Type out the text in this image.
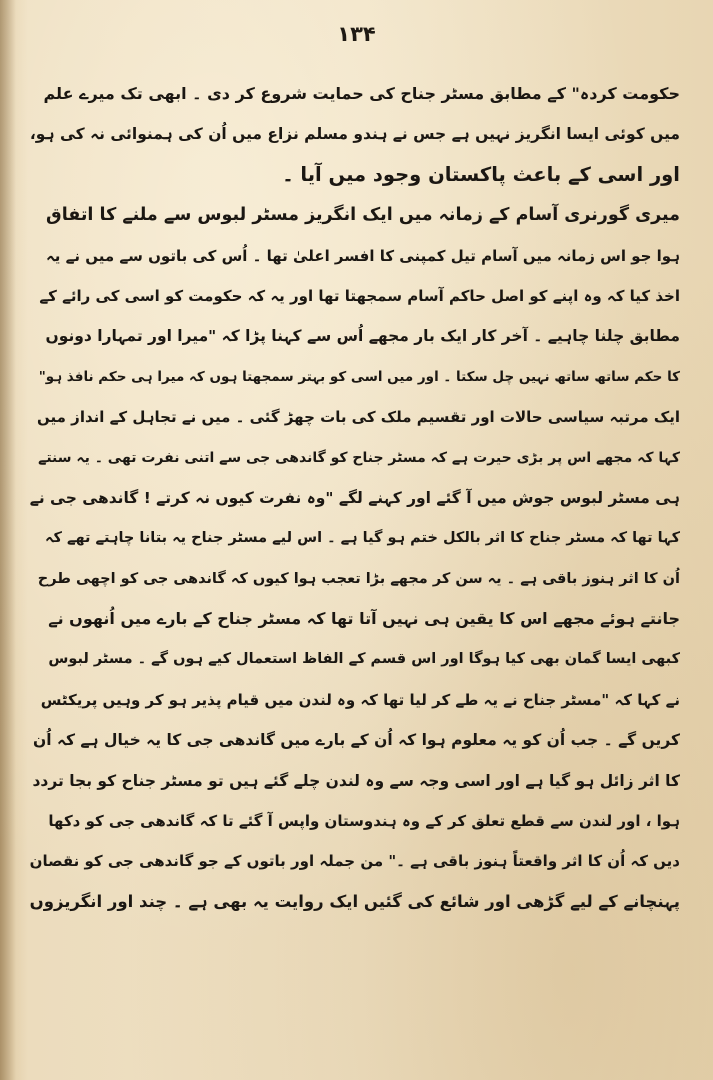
۱۳۴
حکومت کردہ" کے مطابق مسٹر جناح کی حمایت شروع کر دی ۔ ابھی تک میرے علم
میں کوئی ایسا انگریز نہیں ہے جس نے ہندو مسلم نزاع میں اُن کی ہمنوائی نہ کی ہو،
اور اسی کے باعث پاکستان وجود میں آیا ۔
میری گورنری آسام کے زمانہ میں ایک انگریز مسٹر لبوس سے ملنے کا اتفاق
ہوا جو اس زمانہ میں آسام تیل کمپنی کا افسر اعلیٰ تھا ۔ اُس کی باتوں سے میں نے یہ
اخذ کیا کہ وہ اپنے کو اصل حاکم آسام سمجھتا تھا اور یہ کہ حکومت کو اسی کی رائے کے
مطابق چلنا چاہیے ۔ آخر کار ایک بار مجھے اُس سے کہنا پڑا کہ "میرا اور تمہارا دونوں
کا حکم ساتھ ساتھ نہیں چل سکتا ۔ اور میں اسی کو بہتر سمجھتا ہوں کہ میرا ہی حکم نافذ ہو"
ایک مرتبہ سیاسی حالات اور تقسیم ملک کی بات چھڑ گئی ۔ میں نے تجاہل کے انداز میں
کہا کہ مجھے اس پر بڑی حیرت ہے کہ مسٹر جناح کو گاندھی جی سے اتنی نفرت تھی ۔ یہ سنتے
ہی مسٹر لبوس جوش میں آ گئے اور کہنے لگے "وہ نفرت کیوں نہ کرتے ! گاندھی جی نے
کہا تھا کہ مسٹر جناح کا اثر بالکل ختم ہو گیا ہے ۔ اس لیے مسٹر جناح یہ بتانا چاہتے تھے کہ
اُن کا اثر ہنوز باقی ہے ۔ یہ سن کر مجھے بڑا تعجب ہوا کیوں کہ گاندھی جی کو اچھی طرح
جانتے ہوئے مجھے اس کا یقین ہی نہیں آتا تھا کہ مسٹر جناح کے بارے میں اُنھوں نے
کبھی ایسا گمان بھی کیا ہوگا اور اس قسم کے الفاظ استعمال کیے ہوں گے ۔ مسٹر لبوس
نے کہا کہ "مسٹر جناح نے یہ طے کر لیا تھا کہ وہ لندن میں قیام پذیر ہو کر وہیں پریکٹس
کریں گے ۔ جب اُن کو یہ معلوم ہوا کہ اُن کے بارے میں گاندھی جی کا یہ خیال ہے کہ اُن
کا اثر زائل ہو گیا ہے اور اسی وجہ سے وہ لندن چلے گئے ہیں تو مسٹر جناح کو بجا تردد
ہوا ، اور لندن سے قطع تعلق کر کے وہ ہندوستان واپس آ گئے تا کہ گاندھی جی کو دکھا
دیں کہ اُن کا اثر واقعتاً ہنوز باقی ہے ۔" من جملہ اور باتوں کے جو گاندھی جی کو نقصان
پہنچانے کے لیے گڑھی اور شائع کی گئیں ایک روایت یہ بھی ہے ۔ چند اور انگریزوں
